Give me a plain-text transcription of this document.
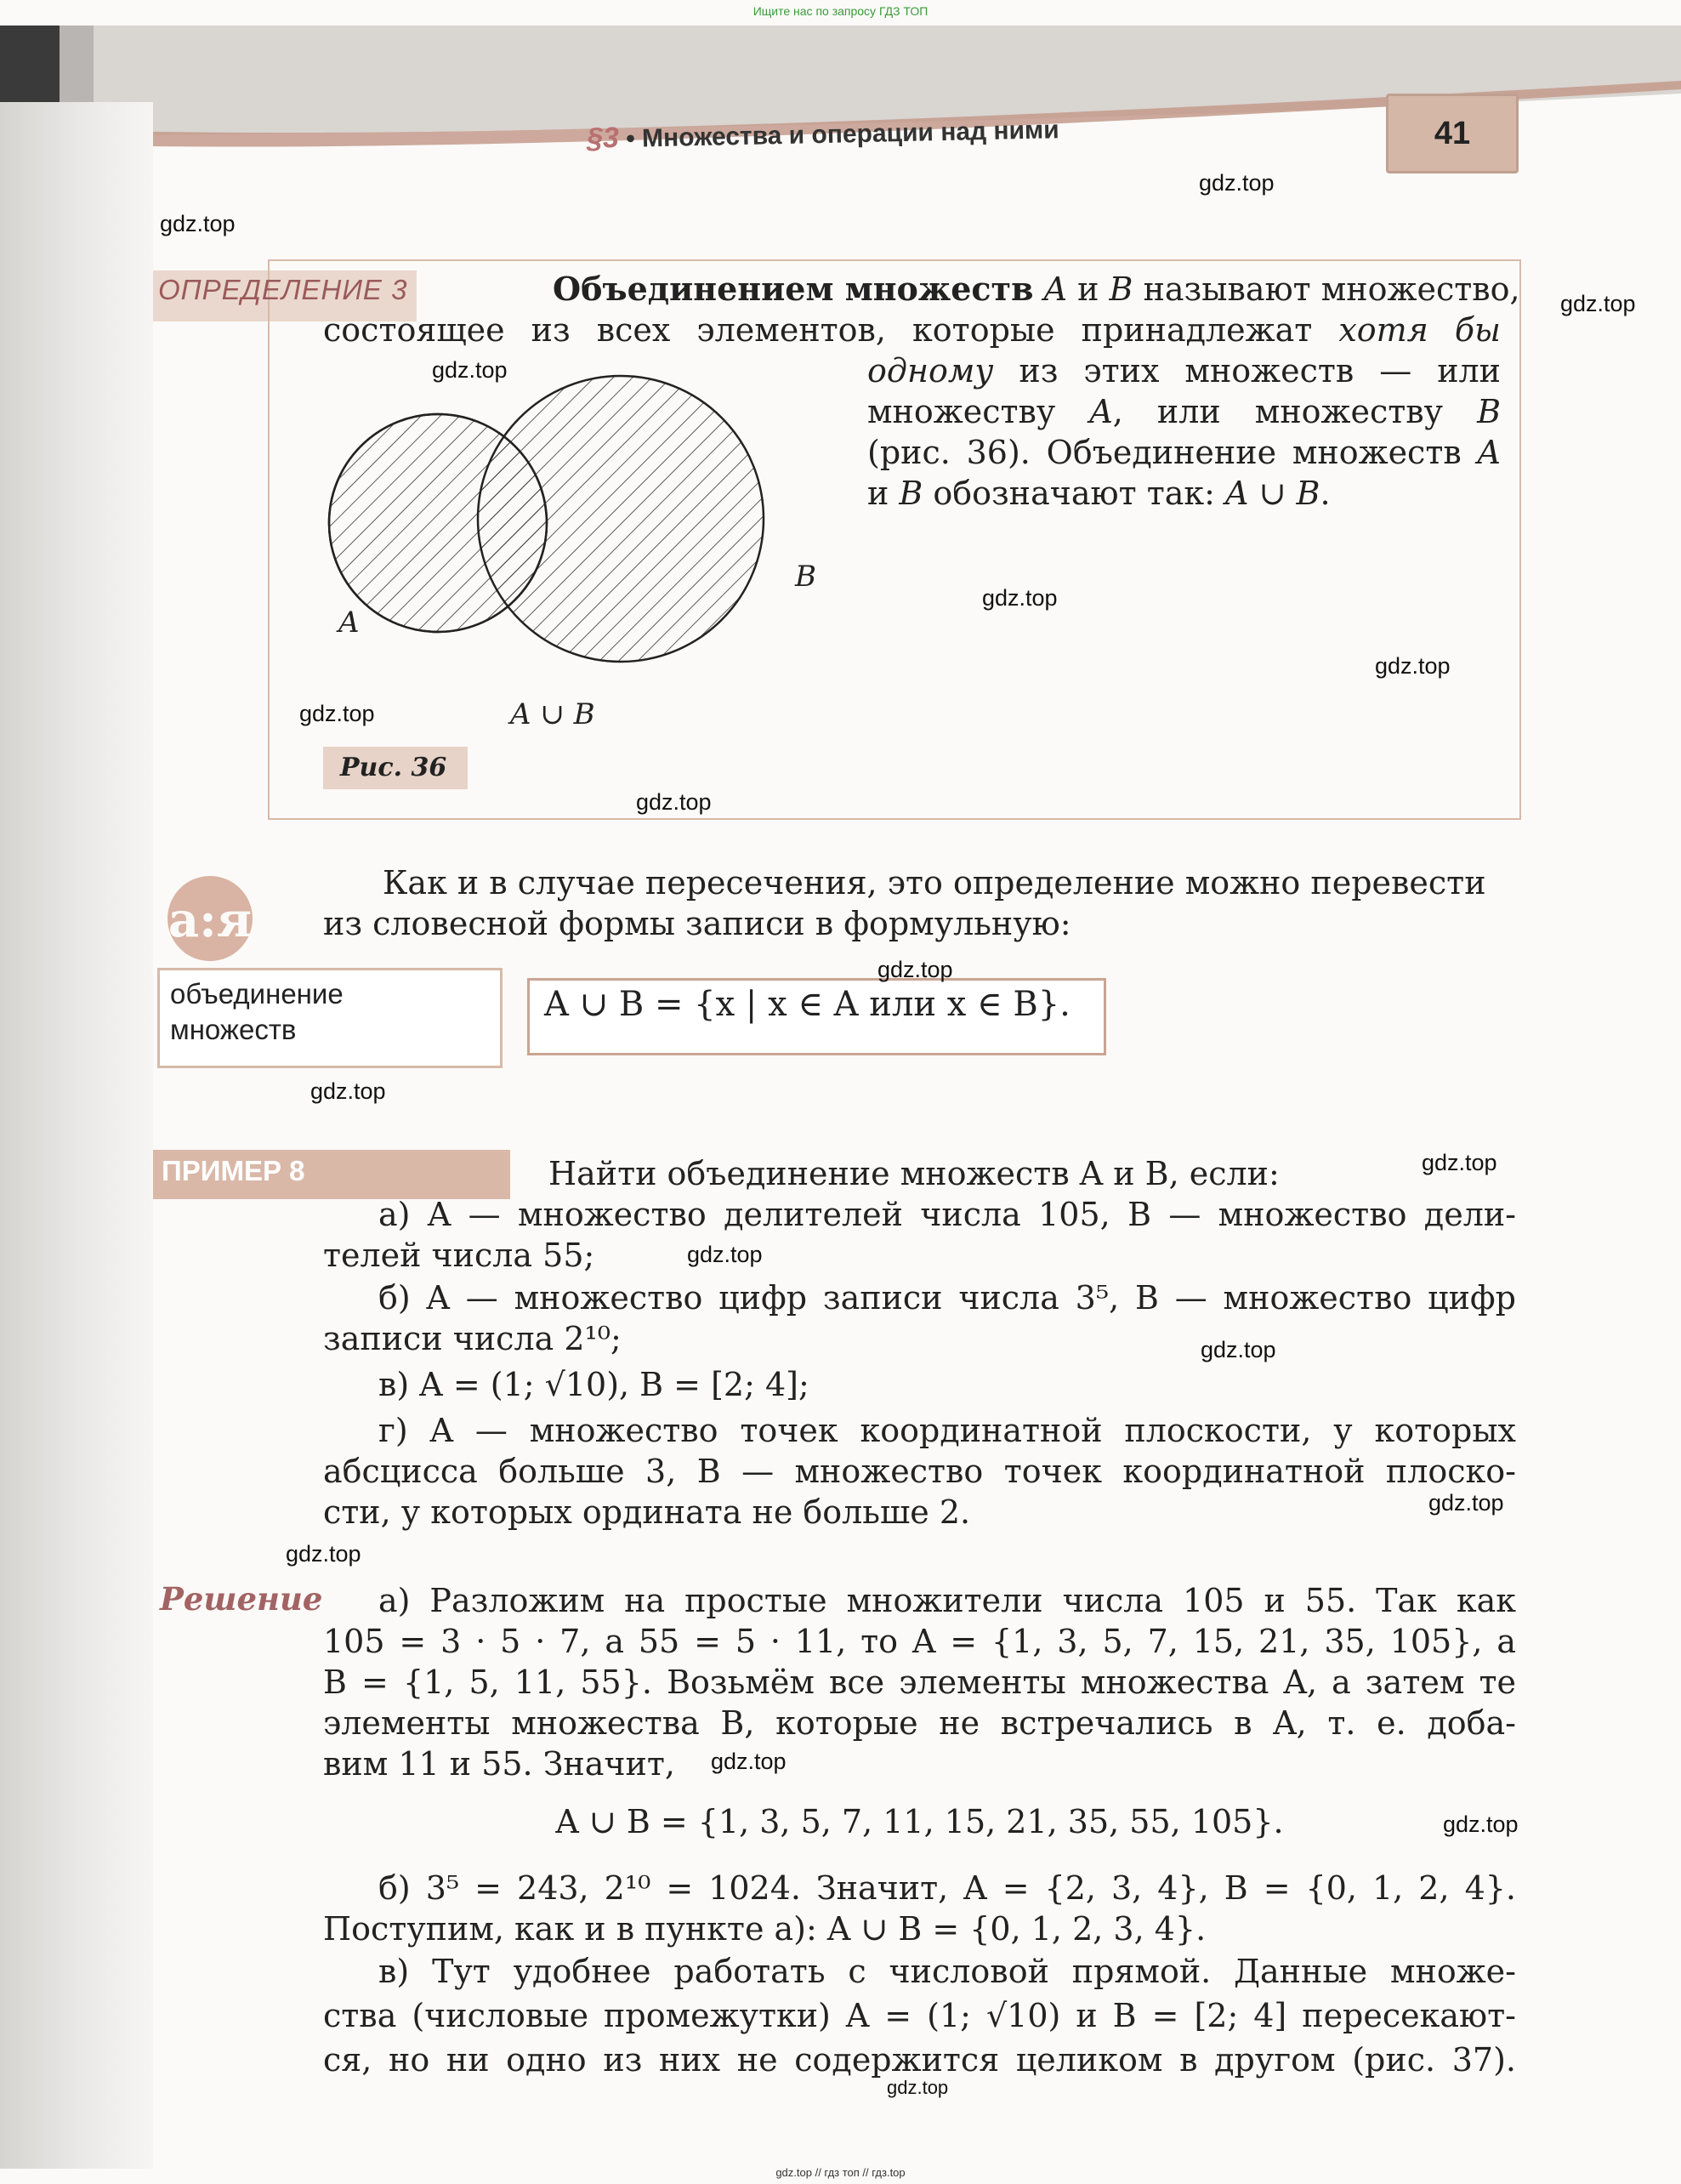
Ищите нас по запросу ГДЗ ТОП
§3 • Множества и операции над ними	41
ОПРЕДЕЛЕНИЕ 3	Объединением множеств A и B называют множество,
состоящее из всех элементов, которые принадлежат хотя бы
одному из этих множеств — или
множеству A, или множеству B
(рис. 36). Объединение множеств A
и B обозначают так: A ∪ B.
A
B
A ∪ B
Рис. 36
Как и в случае пересечения, это определение можно перевести
из словесной формы записи в формульную:
a:я
объединение
множеств
A ∪ B = {x | x ∈ A или x ∈ B}.
ПРИМЕР 8	Найти объединение множеств A и B, если:
а) A — множество делителей числа 105, B — множество дели-
телей числа 55;
б) A — множество цифр записи числа 3⁵, B — множество цифр
записи числа 2¹⁰;
в) A = (1; √10), B = [2; 4];
г) A — множество точек координатной плоскости, у которых
абсцисса больше 3, B — множество точек координатной плоско-
сти, у которых ордината не больше 2.
Решение а) Разложим на простые множители числа 105 и 55. Так как
105 = 3 · 5 · 7, а 55 = 5 · 11, то A = {1, 3, 5, 7, 15, 21, 35, 105}, а
B = {1, 5, 11, 55}. Возьмём все элементы множества A, а затем те
элементы множества B, которые не встречались в A, т. е. доба-
вим 11 и 55. Значит,
A ∪ B = {1, 3, 5, 7, 11, 15, 21, 35, 55, 105}.
б) 3⁵ = 243, 2¹⁰ = 1024. Значит, A = {2, 3, 4}, B = {0, 1, 2, 4}.
Поступим, как и в пункте а): A ∪ B = {0, 1, 2, 3, 4}.
в) Тут удобнее работать с числовой прямой. Данные множе-
ства (числовые промежутки) A = (1; √10) и B = [2; 4] пересекают-
ся, но ни одно из них не содержится целиком в другом (рис. 37).
gdz.top
gdz.top
gdz.top
gdz.top
gdz.top
gdz.top
gdz.top
gdz.top
gdz.top
gdz.top
gdz.top
gdz.top
gdz.top
gdz.top
gdz.top
gdz.top
gdz.top
gdz.top
gdz.top // гдз топ // гдз.top
